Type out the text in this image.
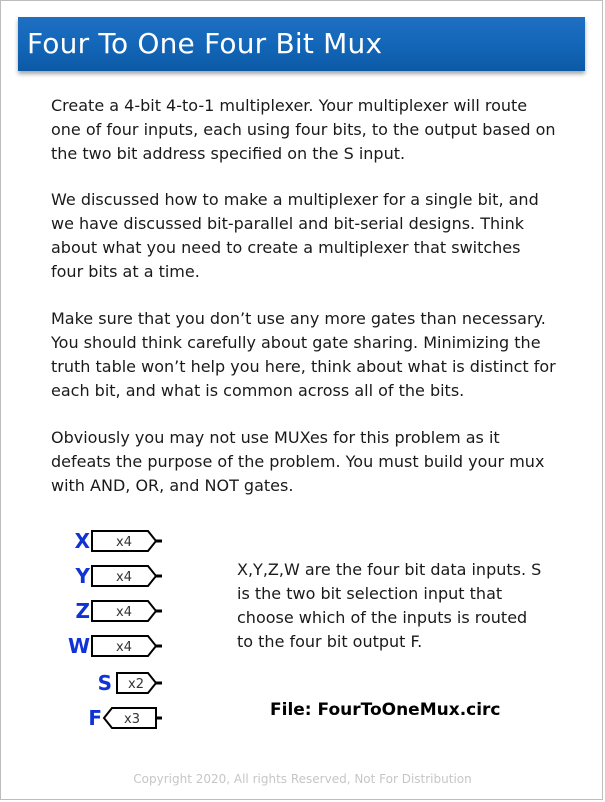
Four To One Four Bit Mux

Create a 4-bit 4-to-1 multiplexer. Your multiplexer will route one of four inputs, each using four bits, to the output based on the two bit address specified on the S input.

We discussed how to make a multiplexer for a single bit, and we have discussed bit-parallel and bit-serial designs. Think about what you need to create a multiplexer that switches four bits at a time.

Make sure that you don’t use any more gates than necessary. You should think carefully about gate sharing. Minimizing the truth table won’t help you here, think about what is distinct for each bit, and what is common across all of the bits.

Obviously you may not use MUXes for this problem as it defeats the purpose of the problem. You must build your mux with AND, OR, and NOT gates.

X x4
Y x4
Z x4
W x4
S x2
F x3

X,Y,Z,W are the four bit data inputs. S is the two bit selection input that choose which of the inputs is routed to the four bit output F.

File: FourToOneMux.circ
Copyright 2020, All rights Reserved, Not For Distribution
